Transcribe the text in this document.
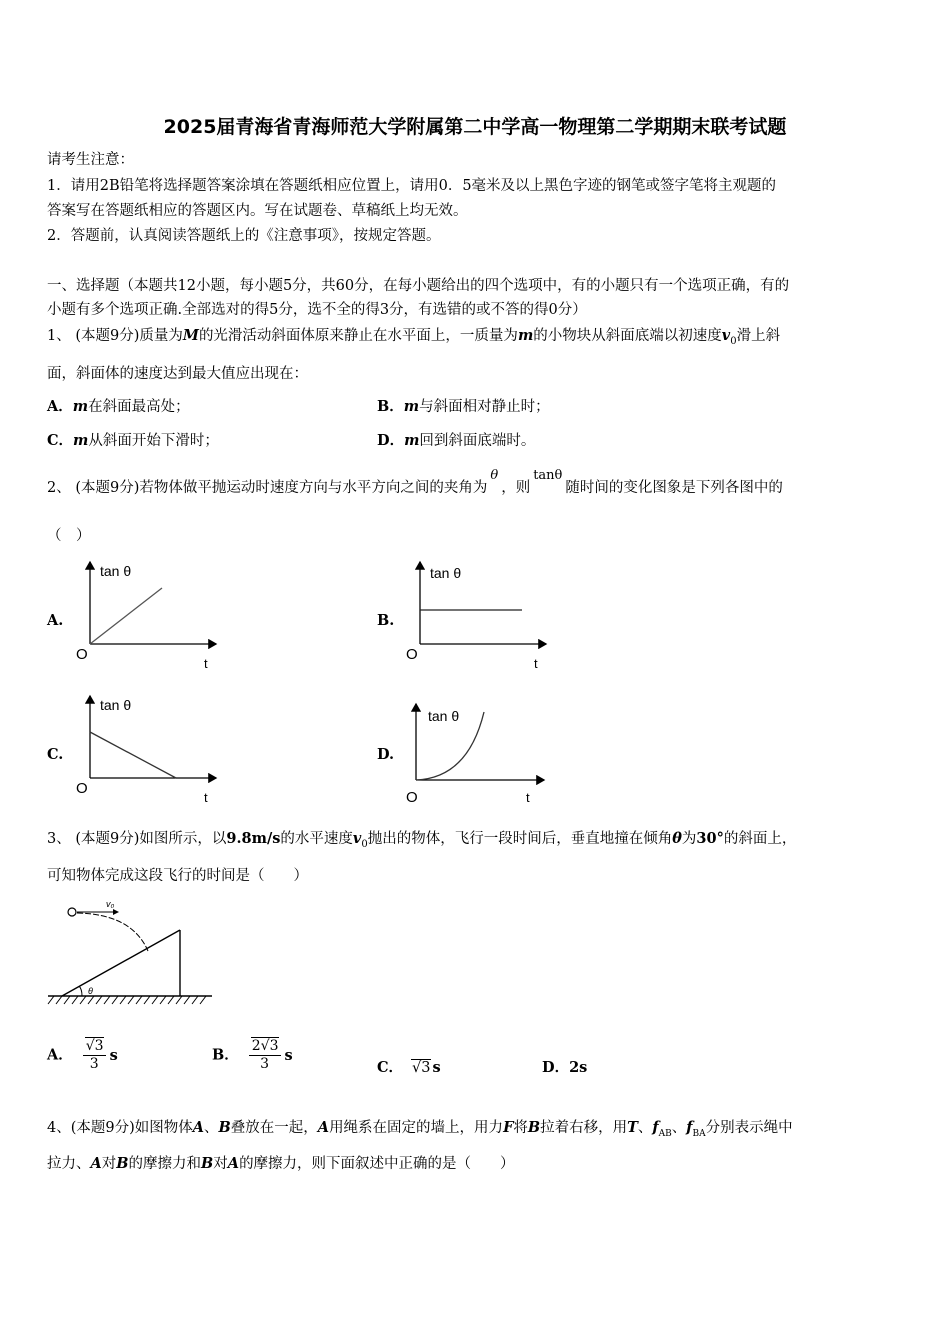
2025届青海省青海师范大学附属第二中学高一物理第二学期期末联考试题
请考生注意：
1．请用2B铅笔将选择题答案涂填在答题纸相应位置上，请用0．5毫米及以上黑色字迹的钢笔或签字笔将主观题的
答案写在答题纸相应的答题区内。写在试题卷、草稿纸上均无效。
2．答题前，认真阅读答题纸上的《注意事项》，按规定答题。
一、选择题（本题共12小题，每小题5分，共60分，在每小题给出的四个选项中，有的小题只有一个选项正确，有的
小题有多个选项正确.全部选对的得5分，选不全的得3分，有选错的或不答的得0分）
1、 (本题9分)质量为M的光滑活动斜面体原来静止在水平面上，一质量为m的小物块从斜面底端以初速度$v_0$滑上斜
面，斜面体的速度达到最大值应出现在：
A．m在斜面最高处；	B．m与斜面相对静止时；
C．m从斜面开始下滑时；	D．m回到斜面底端时。
2、 (本题9分)若物体做平抛运动时速度方向与水平方向之间的夹角为θ，则tanθ随时间的变化图象是下列各图中的
（　）
A.	B.
C.	D.
tan θ
O
t
tan θ
O
t
tan θ
O
t
tan θ
O	t
3、 (本题9分)如图所示，以9.8m/s的水平速度$v_0$抛出的物体，飞行一段时间后，垂直地撞在倾角θ为30°的斜面上，
可知物体完成这段飞行的时间是（　　）
v₀
θ
A． $\frac{√3}{3}$ s	B． $\frac{2√3}{3}$ s
C． √3 s	D．2s
4、(本题9分)如图物体A、B叠放在一起，A用绳系在固定的墙上，用力F将B拉着右移，用T、$f_{AB}$、$f_{BA}$分别表示绳中
拉力、A对B的摩擦力和B对A的摩擦力，则下面叙述中正确的是（　　）
